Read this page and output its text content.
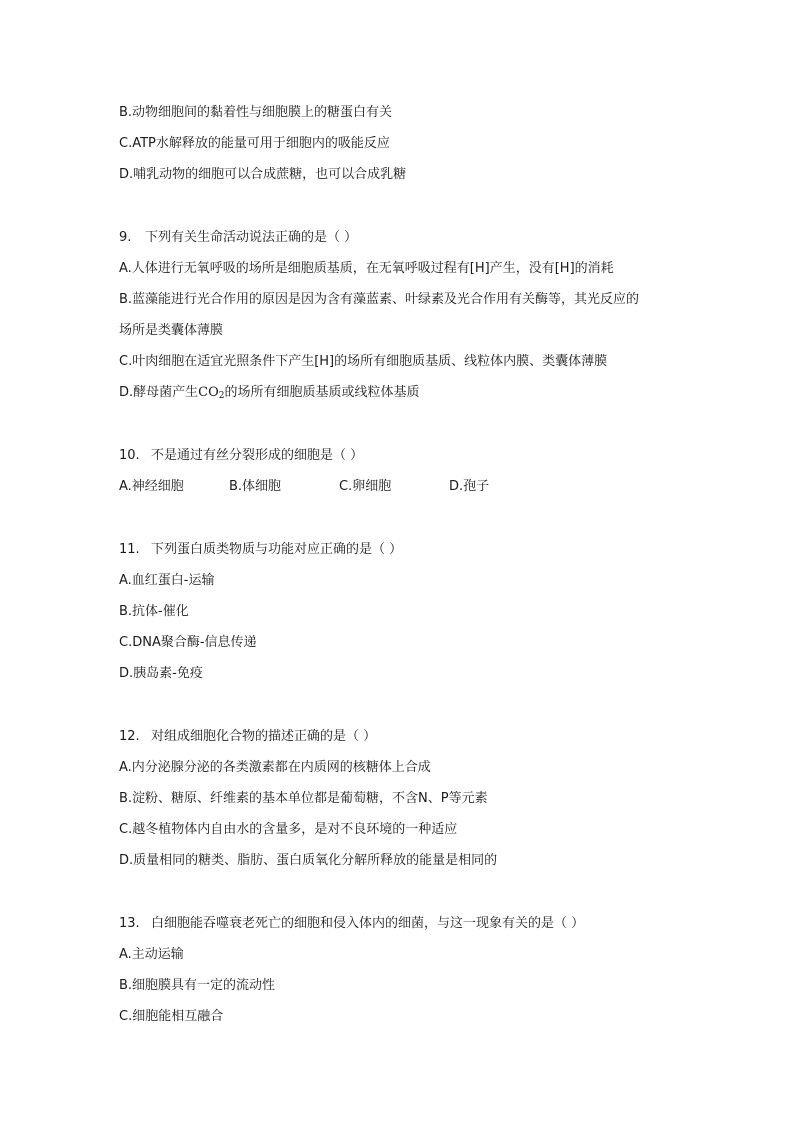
B.动物细胞间的黏着性与细胞膜上的糖蛋白有关
C.ATP水解释放的能量可用于细胞内的吸能反应
D.哺乳动物的细胞可以合成蔗糖，也可以合成乳糖
9. 下列有关生命活动说法正确的是（ ）
A.人体进行无氧呼吸的场所是细胞质基质，在无氧呼吸过程有[H]产生，没有[H]的消耗
B.蓝藻能进行光合作用的原因是因为含有藻蓝素、叶绿素及光合作用有关酶等，其光反应的
场所是类囊体薄膜
C.叶肉细胞在适宜光照条件下产生[H]的场所有细胞质基质、线粒体内膜、类囊体薄膜
D.酵母菌产生$CO_2$的场所有细胞质基质或线粒体基质
10. 不是通过有丝分裂形成的细胞是（ ）
A.神经细胞	B.体细胞	C.卵细胞	D.孢子
11. 下列蛋白质类物质与功能对应正确的是（ ）
A.血红蛋白-运输
B.抗体-催化
C.DNA聚合酶-信息传递
D.胰岛素-免疫
12. 对组成细胞化合物的描述正确的是（ ）
A.内分泌腺分泌的各类激素都在内质网的核糖体上合成
B.淀粉、糖原、纤维素的基本单位都是葡萄糖，不含N、P等元素
C.越冬植物体内自由水的含量多，是对不良环境的一种适应
D.质量相同的糖类、脂肪、蛋白质氧化分解所释放的能量是相同的
13. 白细胞能吞噬衰老死亡的细胞和侵入体内的细菌，与这一现象有关的是（ ）
A.主动运输
B.细胞膜具有一定的流动性
C.细胞能相互融合
